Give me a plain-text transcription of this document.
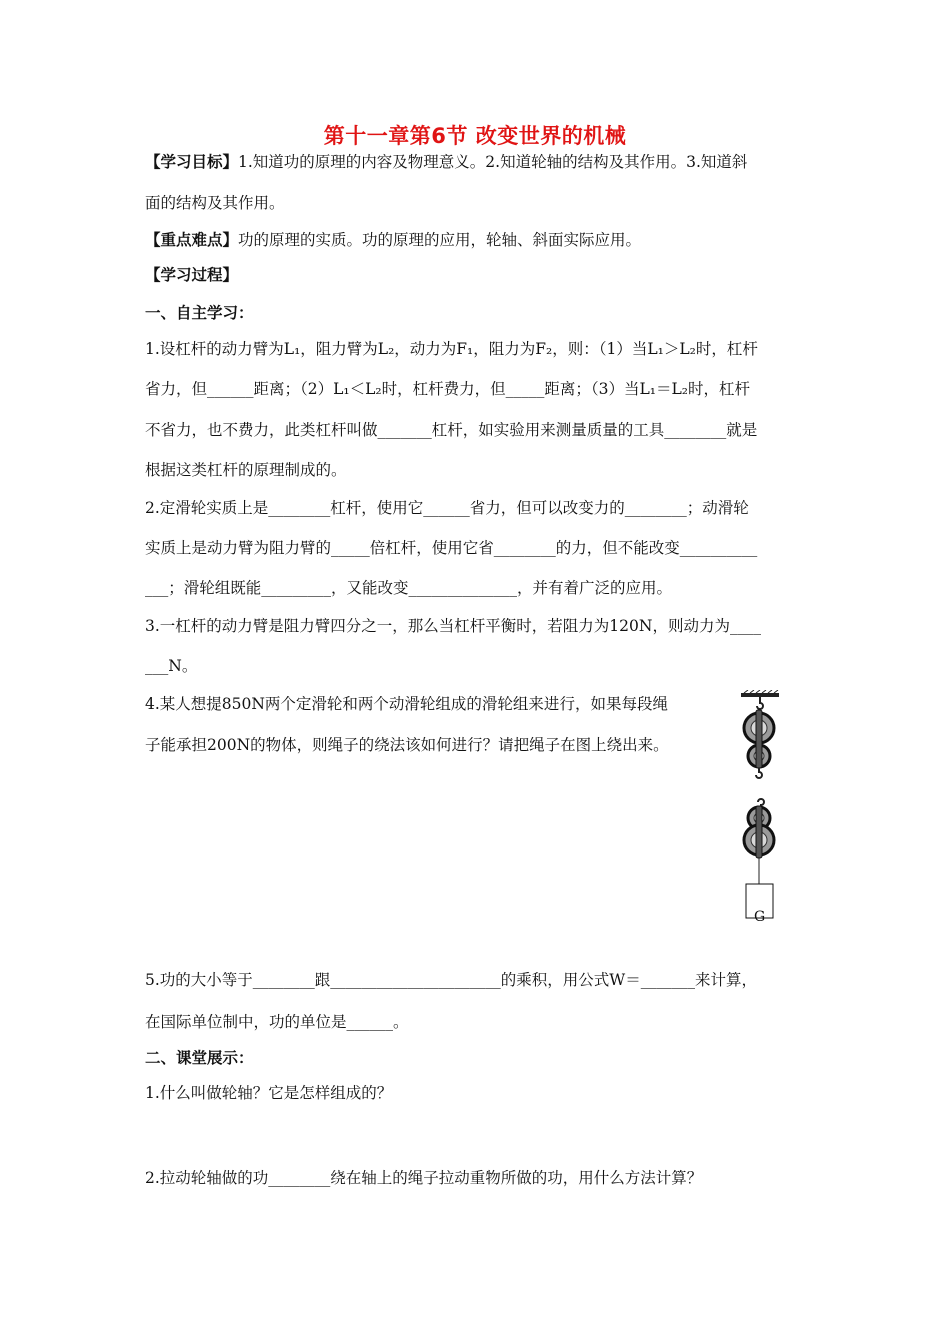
第十一章第6节 改变世界的机械
【学习目标】1.知道功的原理的内容及物理意义。2.知道轮轴的结构及其作用。3.知道斜
面的结构及其作用。
【重点难点】功的原理的实质。功的原理的应用，轮轴、斜面实际应用。
【学习过程】
一、自主学习：
1.设杠杆的动力臂为L₁，阻力臂为L₂，动力为F₁，阻力为F₂，则：（1）当L₁＞L₂时，杠杆
省力，但______距离；（2）L₁＜L₂时，杠杆费力，但_____距离；（3）当L₁＝L₂时，杠杆
不省力，也不费力，此类杠杆叫做_______杠杆，如实验用来测量质量的工具________就是
根据这类杠杆的原理制成的。
2.定滑轮实质上是________杠杆，使用它______省力，但可以改变力的________；动滑轮
实质上是动力臂为阻力臂的_____倍杠杆，使用它省________的力，但不能改变__________
___；滑轮组既能_________，又能改变______________，并有着广泛的应用。
3.一杠杆的动力臂是阻力臂四分之一，那么当杠杆平衡时，若阻力为120N，则动力为____
___N。
4.某人想提850N两个定滑轮和两个动滑轮组成的滑轮组来进行，如果每段绳
子能承担200N的物体，则绳子的绕法该如何进行？请把绳子在图上绕出来。
G
5.功的大小等于________跟______________________的乘积，用公式W＝_______来计算，
在国际单位制中，功的单位是______。
二、课堂展示：
1.什么叫做轮轴？它是怎样组成的？
2.拉动轮轴做的功________绕在轴上的绳子拉动重物所做的功，用什么方法计算？
